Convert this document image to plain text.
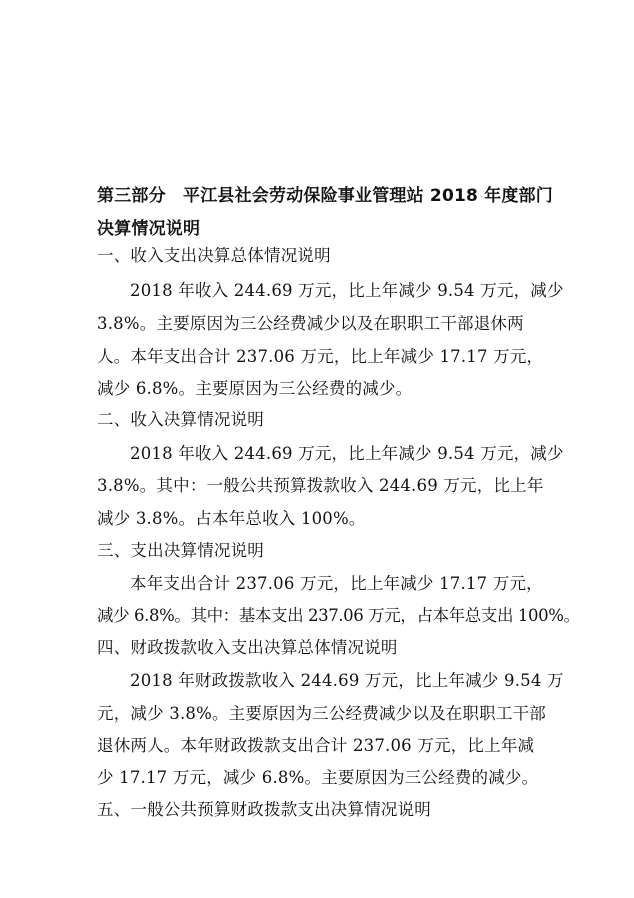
第三部分　平江县社会劳动保险事业管理站 2018 年度部门
决算情况说明
一、收入支出决算总体情况说明
2018 年收入 244.69 万元，比上年减少 9.54 万元，减少
3.8%。主要原因为三公经费减少以及在职职工干部退休两
人。本年支出合计 237.06 万元，比上年减少 17.17 万元，
减少 6.8%。主要原因为三公经费的减少。
二、收入决算情况说明
2018 年收入 244.69 万元，比上年减少 9.54 万元，减少
3.8%。其中：一般公共预算拨款收入 244.69 万元，比上年
减少 3.8%。占本年总收入 100%。
三、支出决算情况说明
本年支出合计 237.06 万元，比上年减少 17.17 万元，
减少 6.8%。其中：基本支出 237.06 万元，占本年总支出 100%。
四、财政拨款收入支出决算总体情况说明
2018 年财政拨款收入 244.69 万元，比上年减少 9.54 万
元，减少 3.8%。主要原因为三公经费减少以及在职职工干部
退休两人。本年财政拨款支出合计 237.06 万元，比上年减
少 17.17 万元，减少 6.8%。主要原因为三公经费的减少。
五、一般公共预算财政拨款支出决算情况说明
